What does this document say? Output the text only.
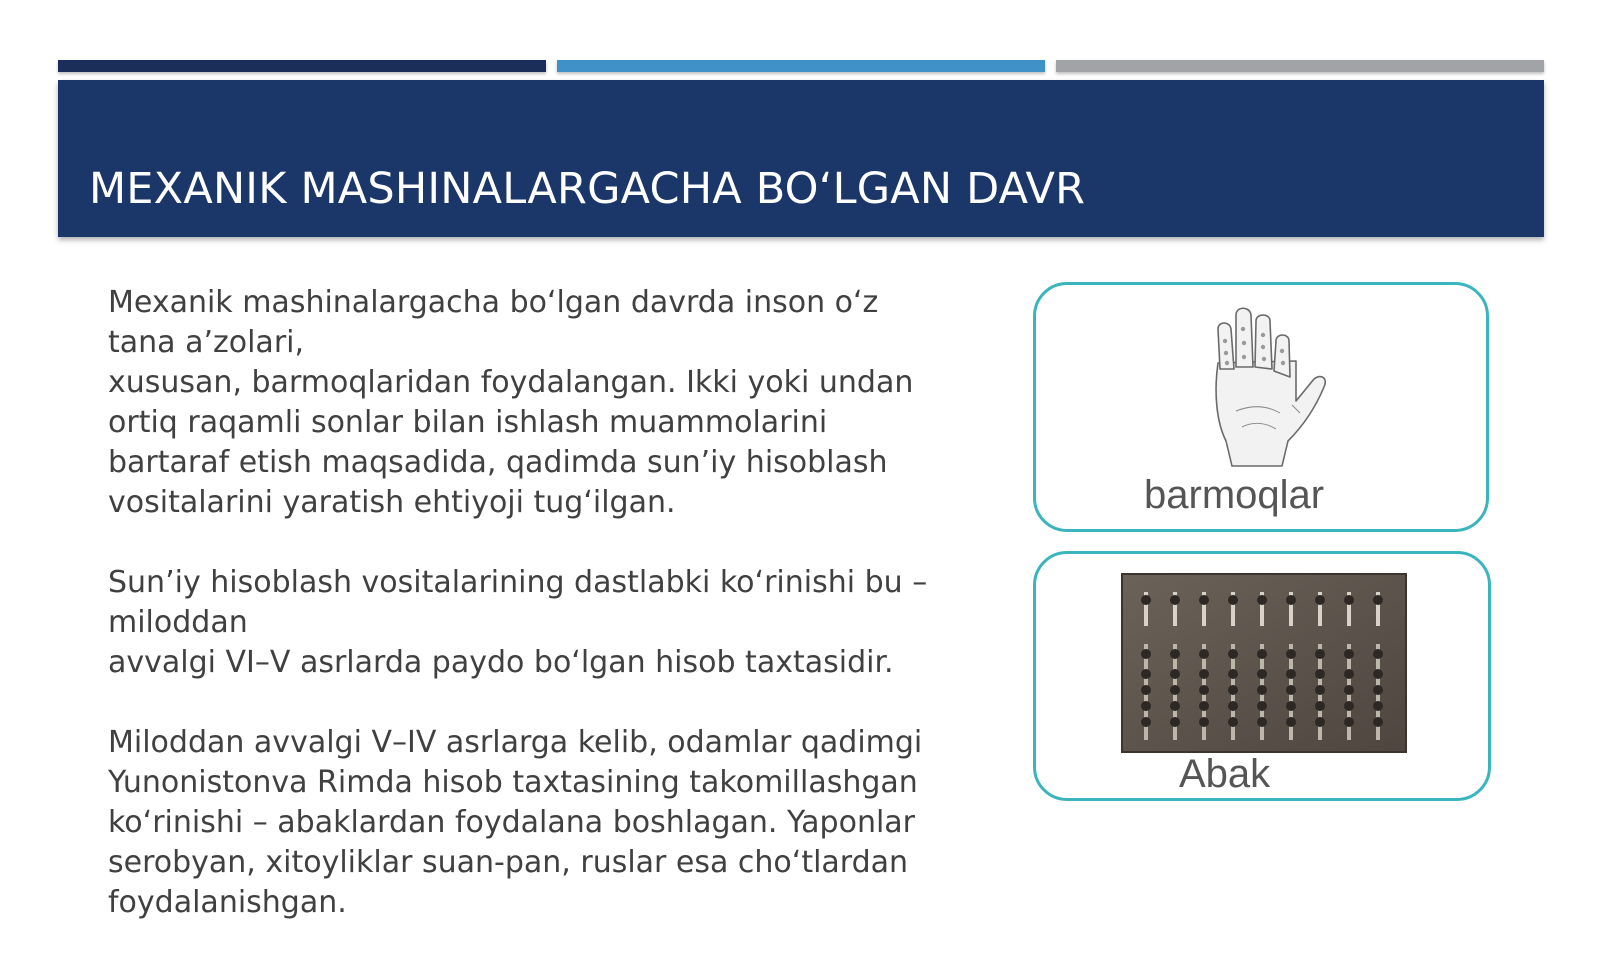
MEXANIK MASHINALARGACHA BO‘LGAN DAVR

Mexanik mashinalargacha bo‘lgan davrda inson o‘z
tana a’zolari,
xususan, barmoqlaridan foydalangan. Ikki yoki undan
ortiq raqamli sonlar bilan ishlash muammolarini
bartaraf etish maqsadida, qadimda sun’iy hisoblash
vositalarini yaratish ehtiyoji tug‘ilgan.

Sun’iy hisoblash vositalarining dastlabki ko‘rinishi bu –
miloddan
avvalgi VI–V asrlarda paydo bo‘lgan hisob taxtasidir.

Miloddan avvalgi V–IV asrlarga kelib, odamlar qadimgi
Yunonistonva Rimda hisob taxtasining takomillashgan
ko‘rinishi – abaklardan foydalana boshlagan. Yaponlar
serobyan, xitoyliklar suan-pan, ruslar esa cho‘tlardan
foydalanishgan.

barmoqlar
Abak
